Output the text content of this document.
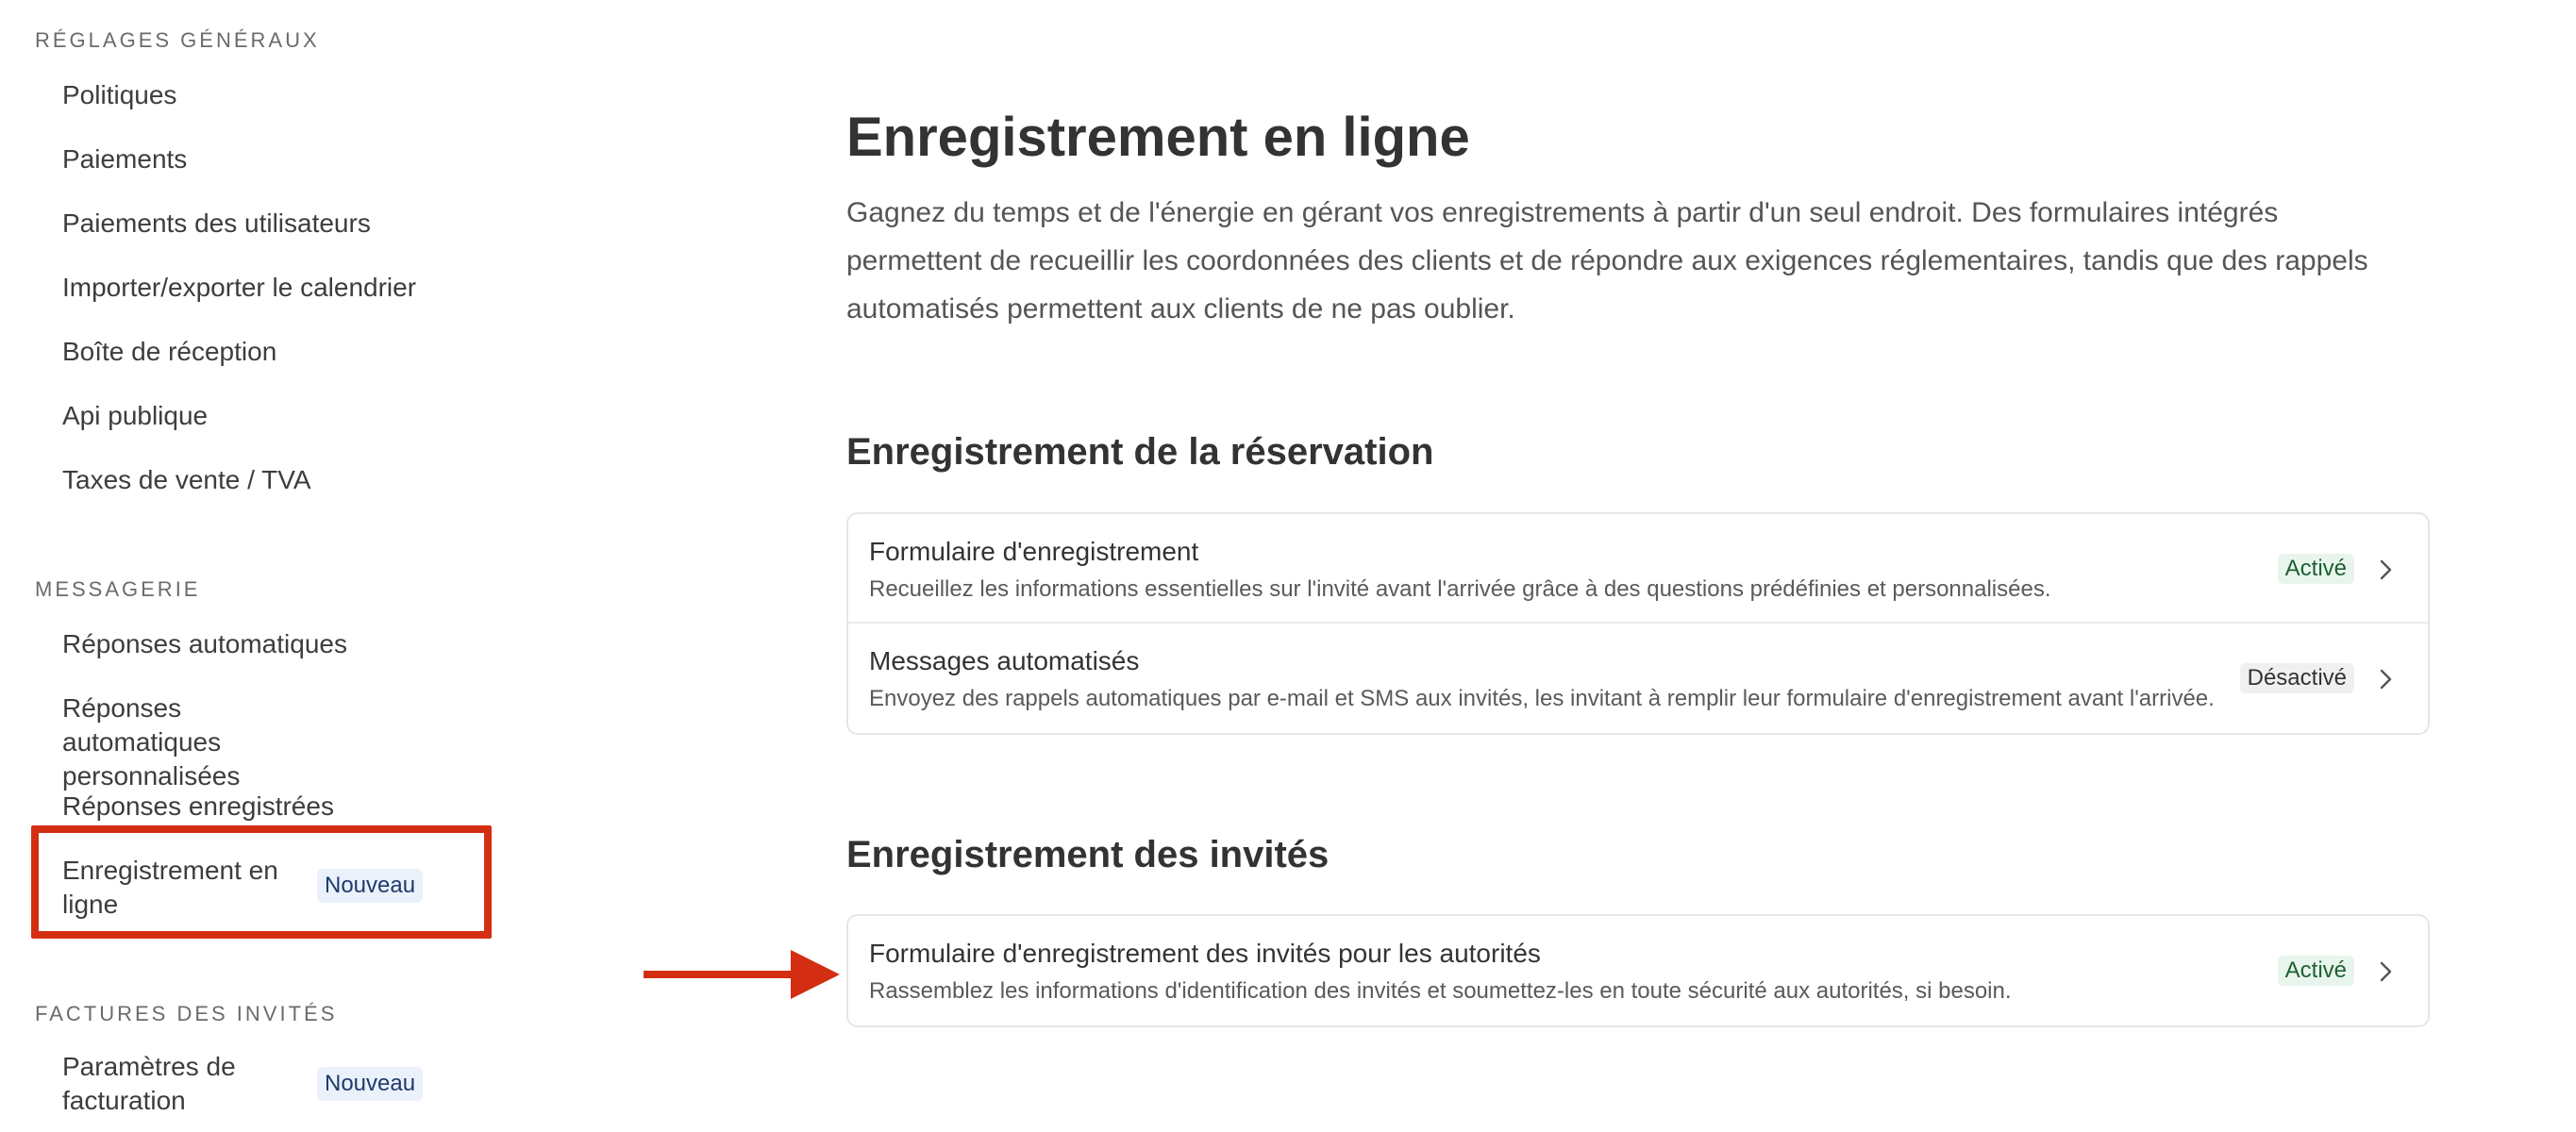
RÉGLAGES GÉNÉRAUX
Politiques
Paiements
Paiements des utilisateurs
Importer/exporter le calendrier
Boîte de réception
Api publique
Taxes de vente / TVA
MESSAGERIE
Réponses automatiques
Réponses automatiques personnalisées
Réponses enregistrées
Enregistrement en ligne
Nouveau
FACTURES DES INVITÉS
Paramètres de facturation
Nouveau
Enregistrement en ligne

Gagnez du temps et de l'énergie en gérant vos enregistrements à partir d'un seul endroit. Des formulaires intégrés permettent de recueillir les coordonnées des clients et de répondre aux exigences réglementaires, tandis que des rappels automatisés permettent aux clients de ne pas oublier.

Enregistrement de la réservation
Formulaire d'enregistrement
Recueillez les informations essentielles sur l'invité avant l'arrivée grâce à des questions prédéfinies et personnalisées.
Activé
Messages automatisés
Envoyez des rappels automatiques par e-mail et SMS aux invités, les invitant à remplir leur formulaire d'enregistrement avant l'arrivée.
Désactivé
Enregistrement des invités
Formulaire d'enregistrement des invités pour les autorités
Rassemblez les informations d'identification des invités et soumettez-les en toute sécurité aux autorités, si besoin.
Activé
